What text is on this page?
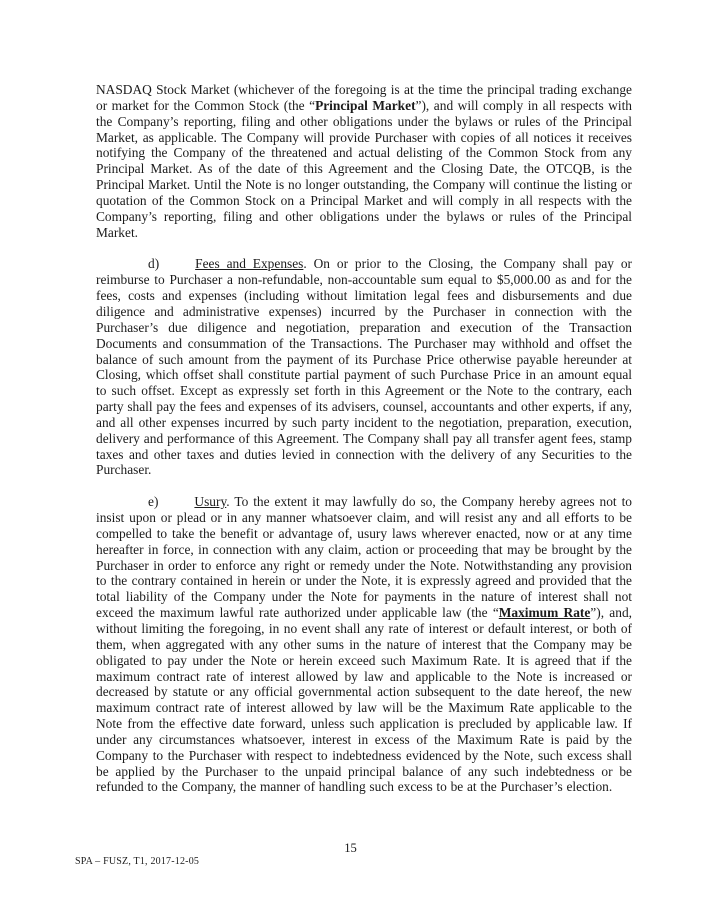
NASDAQ Stock Market (whichever of the foregoing is at the time the principal trading exchange or market for the Common Stock (the “Principal Market”), and will comply in all respects with the Company’s reporting, filing and other obligations under the bylaws or rules of the Principal Market, as applicable. The Company will provide Purchaser with copies of all notices it receives notifying the Company of the threatened and actual delisting of the Common Stock from any Principal Market. As of the date of this Agreement and the Closing Date, the OTCQB, is the Principal Market. Until the Note is no longer outstanding, the Company will continue the listing or quotation of the Common Stock on a Principal Market and will comply in all respects with the Company’s reporting, filing and other obligations under the bylaws or rules of the Principal Market.

d)	Fees and Expenses. On or prior to the Closing, the Company shall pay or reimburse to Purchaser a non-refundable, non-accountable sum equal to $5,000.00 as and for the fees, costs and expenses (including without limitation legal fees and disbursements and due diligence and administrative expenses) incurred by the Purchaser in connection with the Purchaser’s due diligence and negotiation, preparation and execution of the Transaction Documents and consummation of the Transactions. The Purchaser may withhold and offset the balance of such amount from the payment of its Purchase Price otherwise payable hereunder at Closing, which offset shall constitute partial payment of such Purchase Price in an amount equal to such offset. Except as expressly set forth in this Agreement or the Note to the contrary, each party shall pay the fees and expenses of its advisers, counsel, accountants and other experts, if any, and all other expenses incurred by such party incident to the negotiation, preparation, execution, delivery and performance of this Agreement. The Company shall pay all transfer agent fees, stamp taxes and other taxes and duties levied in connection with the delivery of any Securities to the Purchaser.

e)	Usury. To the extent it may lawfully do so, the Company hereby agrees not to insist upon or plead or in any manner whatsoever claim, and will resist any and all efforts to be compelled to take the benefit or advantage of, usury laws wherever enacted, now or at any time hereafter in force, in connection with any claim, action or proceeding that may be brought by the Purchaser in order to enforce any right or remedy under the Note. Notwithstanding any provision to the contrary contained in herein or under the Note, it is expressly agreed and provided that the total liability of the Company under the Note for payments in the nature of interest shall not exceed the maximum lawful rate authorized under applicable law (the “Maximum Rate”), and, without limiting the foregoing, in no event shall any rate of interest or default interest, or both of them, when aggregated with any other sums in the nature of interest that the Company may be obligated to pay under the Note or herein exceed such Maximum Rate. It is agreed that if the maximum contract rate of interest allowed by law and applicable to the Note is increased or decreased by statute or any official governmental action subsequent to the date hereof, the new maximum contract rate of interest allowed by law will be the Maximum Rate applicable to the Note from the effective date forward, unless such application is precluded by applicable law. If under any circumstances whatsoever, interest in excess of the Maximum Rate is paid by the Company to the Purchaser with respect to indebtedness evidenced by the Note, such excess shall be applied by the Purchaser to the unpaid principal balance of any such indebtedness or be refunded to the Company, the manner of handling such excess to be at the Purchaser’s election.

15
SPA – FUSZ, T1, 2017-12-05
